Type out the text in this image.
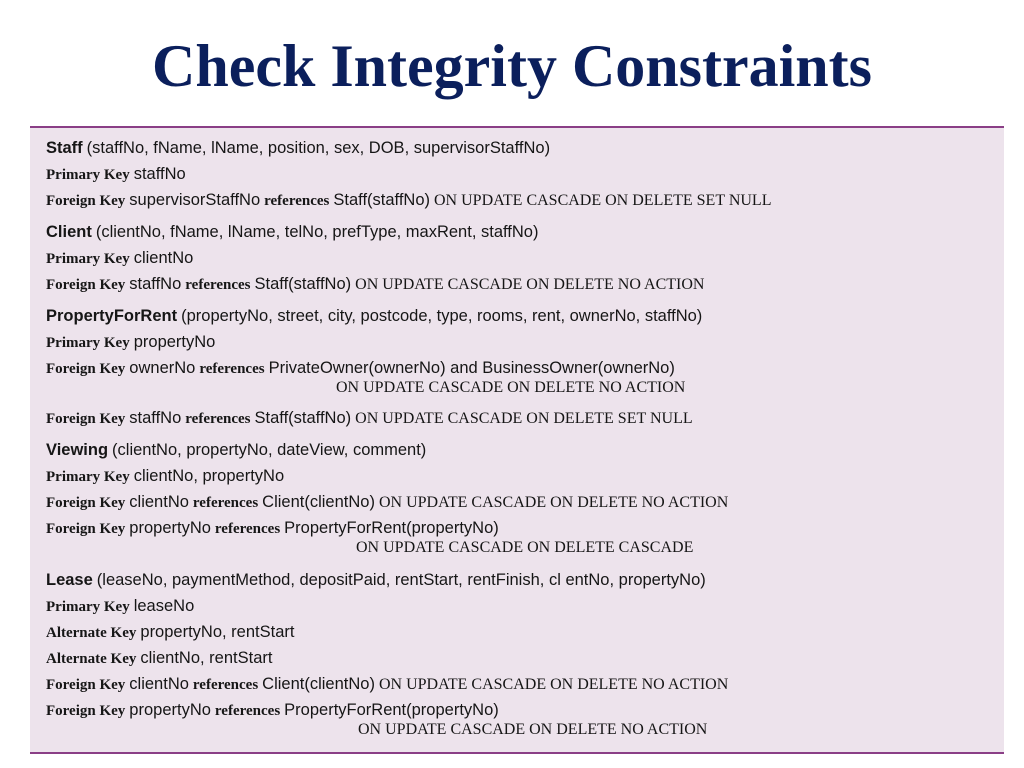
Check Integrity Constraints
Staff (staffNo, fName, lName, position, sex, DOB, supervisorStaffNo)
Primary Key staffNo
Foreign Key supervisorStaffNo references Staff(staffNo) ON UPDATE CASCADE ON DELETE SET NULL
Client (clientNo, fName, lName, telNo, prefType, maxRent, staffNo)
Primary Key clientNo
Foreign Key staffNo references Staff(staffNo) ON UPDATE CASCADE ON DELETE NO ACTION
PropertyForRent (propertyNo, street, city, postcode, type, rooms, rent, ownerNo, staffNo)
Primary Key propertyNo
Foreign Key ownerNo references PrivateOwner(ownerNo) and BusinessOwner(ownerNo)
ON UPDATE CASCADE ON DELETE NO ACTION
Foreign Key staffNo references Staff(staffNo) ON UPDATE CASCADE ON DELETE SET NULL
Viewing (clientNo, propertyNo, dateView, comment)
Primary Key clientNo, propertyNo
Foreign Key clientNo references Client(clientNo) ON UPDATE CASCADE ON DELETE NO ACTION
Foreign Key propertyNo references PropertyForRent(propertyNo)
ON UPDATE CASCADE ON DELETE CASCADE
Lease (leaseNo, paymentMethod, depositPaid, rentStart, rentFinish, cl entNo, propertyNo)
Primary Key leaseNo
Alternate Key propertyNo, rentStart
Alternate Key clientNo, rentStart
Foreign Key clientNo references Client(clientNo) ON UPDATE CASCADE ON DELETE NO ACTION
Foreign Key propertyNo references PropertyForRent(propertyNo)
ON UPDATE CASCADE ON DELETE NO ACTION
